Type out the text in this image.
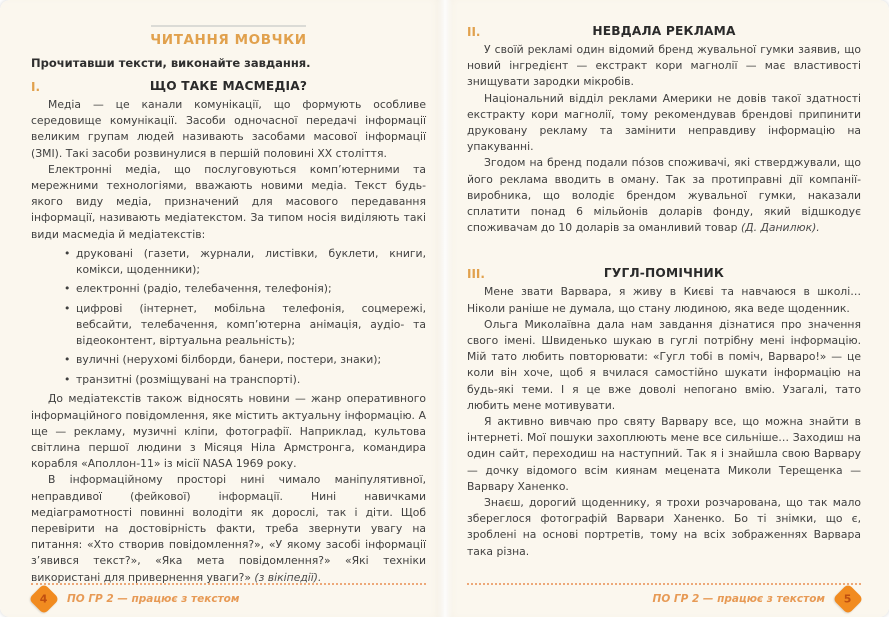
ЧИТАННЯ МОВЧКИ

Прочитавши тексти, виконайте завдання.

I.	ЩО ТАКЕ МАСМЕДІА?

Медіа — це канали комунікації, що формують особливе середовище комунікації. Засоби одночасної передачі інформації великим групам людей називають засобами масової інформації (ЗМІ). Такі засоби розвинулися в першій половині ХХ століття.

Електронні медіа, що послуговуються комп’ютерними та мережними технологіями, вважають новими медіа. Текст будь-якого виду медіа, призначений для масового передавання інформації, називають медіатекстом. За типом носія виділяють такі види масмедіа й медіатекстів:

• друковані (газети, журнали, листівки, буклети, книги, комікси, щоденники);
• електронні (радіо, телебачення, телефонія);
• цифрові (інтернет, мобільна телефонія, соцмережі, вебсайти, телебачення, комп’ютерна анімація, аудіо- та відеоконтент, віртуальна реальність);
• вуличні (нерухомі білборди, банери, постери, знаки);
• транзитні (розміщувані на транспорті).

До медіатекстів також відносять новини — жанр оперативного інформаційного повідомлення, яке містить актуальну інформацію. А ще — рекламу, музичні кліпи, фотографії. Наприклад, культова світлина першої людини з Місяця Ніла Армстронга, командира корабля «Аполлон-11» із місії NASA 1969 року.

В інформаційному просторі нині чимало маніпулятивної, неправдивої (фейкової) інформації. Нині навичками медіаграмотності повинні володіти як дорослі, так і діти. Щоб перевірити на достовірність факти, треба звернути увагу на питання: «Хто створив повідомлення?», «У якому засобі інформації з’явився текст?», «Яка мета повідомлення?» «Які техніки використані для привернення уваги?» (з вікіпедії).

4 ПО ГР 2 — працює з текстом
II.	НЕВДАЛА РЕКЛАМА

У своїй рекламі один відомий бренд жувальної гумки заявив, що новий інгредієнт — екстракт кори магнолії — має властивості знищувати зародки мікробів.

Національний відділ реклами Америки не довів такої здатності екстракту кори магнолії, тому рекомендував брендові припинити друковану рекламу та замінити неправдиву інформацію на упакуванні.

Згодом на бренд подали пóзов споживачі, які стверджували, що його реклама вводить в оману. Так за протиправні дії компанії-виробника, що володіє брендом жувальної гумки, наказали сплатити понад 6 мільйонів доларів фонду, який відшкодує споживачам до 10 доларів за оманливий товар (Д. Данилюк).

III.	ГУГЛ-ПОМІЧНИК

Мене звати Варвара, я живу в Києві та навчаюся в школі… Ніколи раніше не думала, що стану людиною, яка веде щоденник.

Ольга Миколаївна дала нам завдання дізнатися про значення свого імені. Швиденько шукаю в гуглі потрібну мені інформацію. Мій тато любить повторювати: «Гугл тобі в поміч, Варваро!» — це коли він хоче, щоб я вчилася самостійно шукати інформацію на будь-які теми. І я це вже доволі непогано вмію. Узагалі, тато любить мене мотивувати.

Я активно вивчаю про святу Варвару все, що можна знайти в інтернеті. Мої пошуки захоплюють мене все сильніше… Заходиш на один сайт, переходиш на наступний. Так я і знайшла свою Варвару — дочку відомого всім киянам мецената Миколи Терещенка — Варвару Ханенко.

Знаєш, дорогий щоденнику, я трохи розчарована, що так мало збереглося фотографій Варвари Ханенко. Бо ті знімки, що є, зроблені на основі портретів, тому на всіх зображеннях Варвара така різна.

ПО ГР 2 — працює з текстом 5
